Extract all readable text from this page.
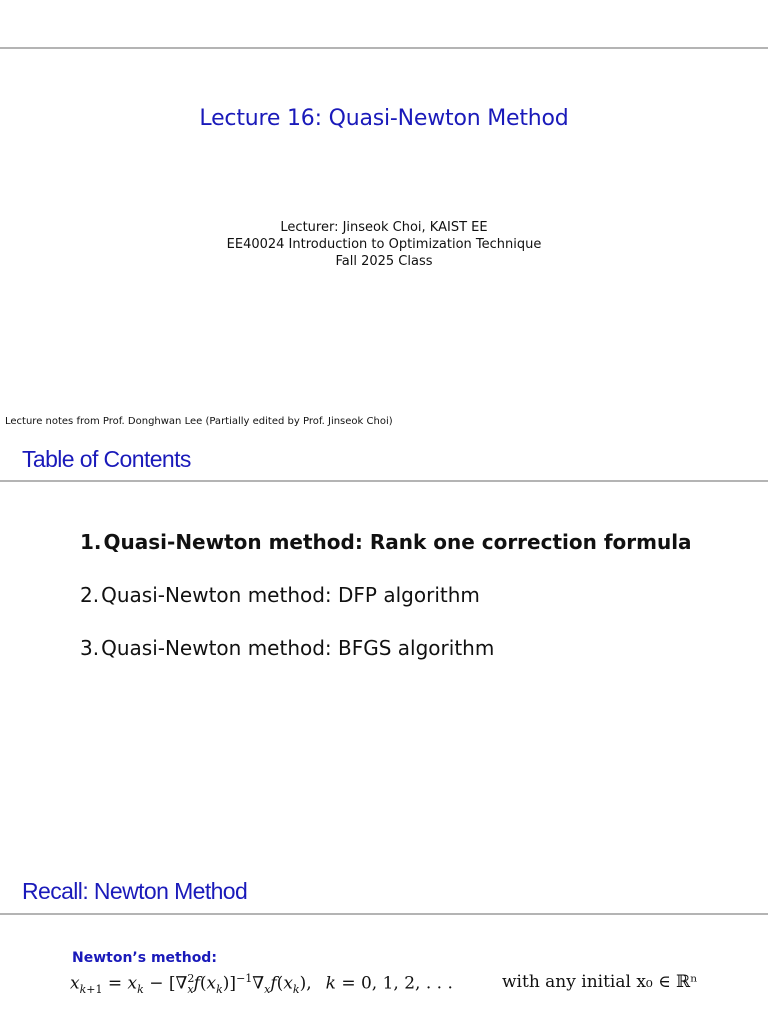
Lecture 16: Quasi-Newton Method
Lecturer: Jinseok Choi, KAIST EE
EE40024 Introduction to Optimization Technique
Fall 2025 Class
Lecture notes from Prof. Donghwan Lee (Partially edited by Prof. Jinseok Choi)
Table of Contents
1. Quasi-Newton method: Rank one correction formula
2. Quasi-Newton method: DFP algorithm
3. Quasi-Newton method: BFGS algorithm
Recall: Newton Method
Newton’s method:
$x_{k+1} = x_k - [\nabla^2_xf(x_k)]^{-1}\nabla_xf(x_k)$, k = 0, 1, 2, . . .	with any initial x₀ ∈ ℝⁿ
